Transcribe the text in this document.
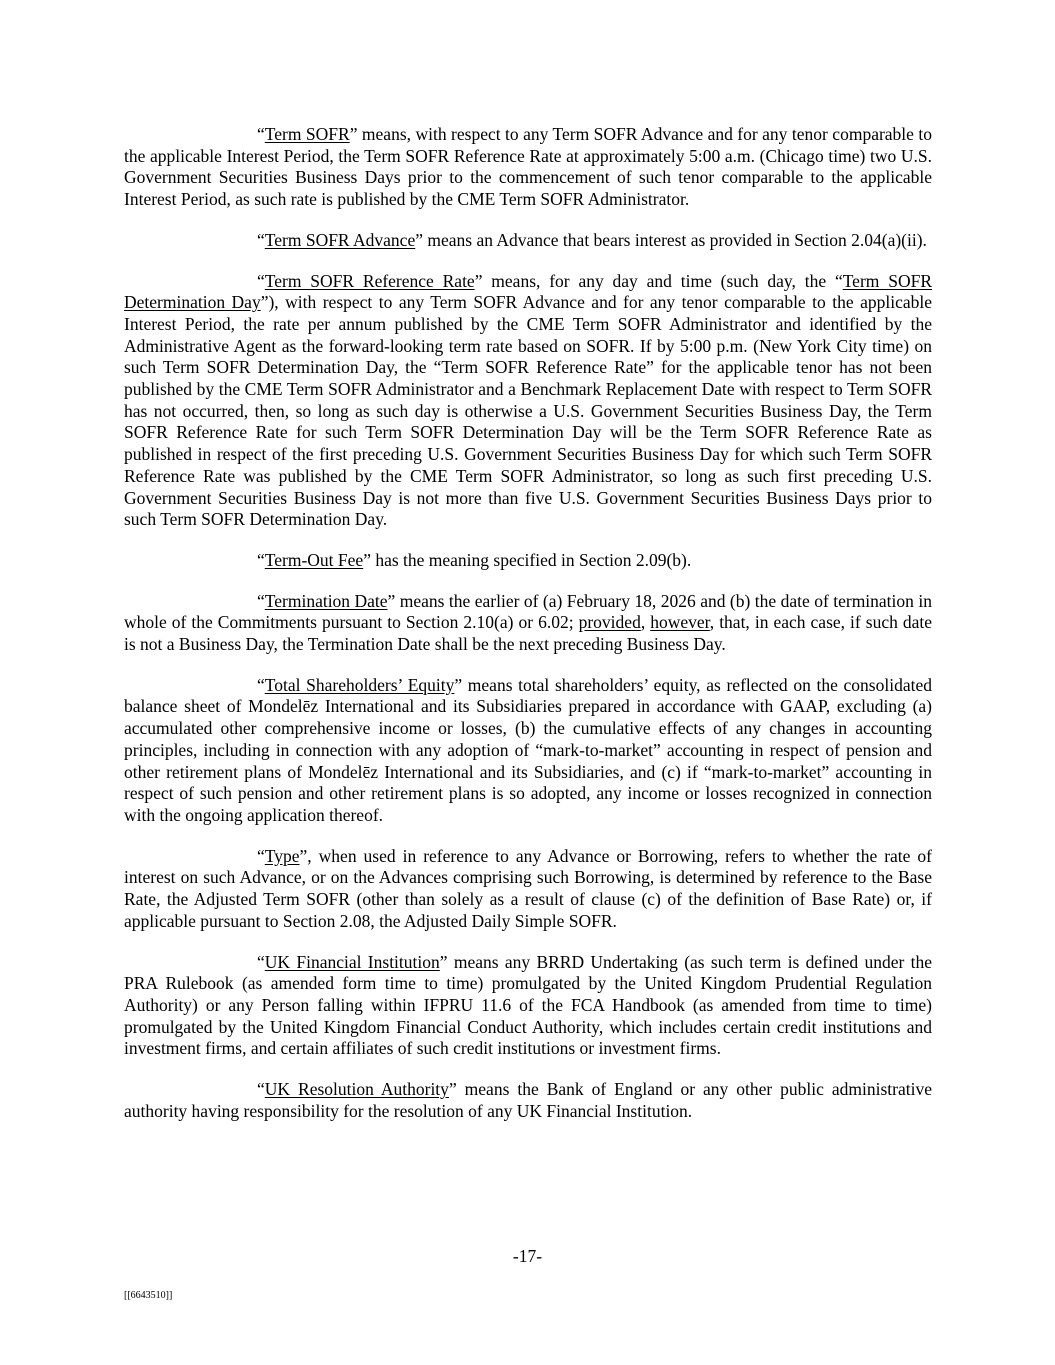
“Term SOFR” means, with respect to any Term SOFR Advance and for any tenor comparable to the applicable Interest Period, the Term SOFR Reference Rate at approximately 5:00 a.m. (Chicago time) two U.S. Government Securities Business Days prior to the commencement of such tenor comparable to the applicable Interest Period, as such rate is published by the CME Term SOFR Administrator.

“Term SOFR Advance” means an Advance that bears interest as provided in Section 2.04(a)(ii).

“Term SOFR Reference Rate” means, for any day and time (such day, the “Term SOFR Determination Day”), with respect to any Term SOFR Advance and for any tenor comparable to the applicable Interest Period, the rate per annum published by the CME Term SOFR Administrator and identified by the Administrative Agent as the forward-looking term rate based on SOFR. If by 5:00 p.m. (New York City time) on such Term SOFR Determination Day, the “Term SOFR Reference Rate” for the applicable tenor has not been published by the CME Term SOFR Administrator and a Benchmark Replacement Date with respect to Term SOFR has not occurred, then, so long as such day is otherwise a U.S. Government Securities Business Day, the Term SOFR Reference Rate for such Term SOFR Determination Day will be the Term SOFR Reference Rate as published in respect of the first preceding U.S. Government Securities Business Day for which such Term SOFR Reference Rate was published by the CME Term SOFR Administrator, so long as such first preceding U.S. Government Securities Business Day is not more than five U.S. Government Securities Business Days prior to such Term SOFR Determination Day.

“Term-Out Fee” has the meaning specified in Section 2.09(b).

“Termination Date” means the earlier of (a) February 18, 2026 and (b) the date of termination in whole of the Commitments pursuant to Section 2.10(a) or 6.02; provided, however, that, in each case, if such date is not a Business Day, the Termination Date shall be the next preceding Business Day.

“Total Shareholders’ Equity” means total shareholders’ equity, as reflected on the consolidated balance sheet of Mondelēz International and its Subsidiaries prepared in accordance with GAAP, excluding (a) accumulated other comprehensive income or losses, (b) the cumulative effects of any changes in accounting principles, including in connection with any adoption of “mark-to-market” accounting in respect of pension and other retirement plans of Mondelēz International and its Subsidiaries, and (c) if “mark-to-market” accounting in respect of such pension and other retirement plans is so adopted, any income or losses recognized in connection with the ongoing application thereof.

“Type”, when used in reference to any Advance or Borrowing, refers to whether the rate of interest on such Advance, or on the Advances comprising such Borrowing, is determined by reference to the Base Rate, the Adjusted Term SOFR (other than solely as a result of clause (c) of the definition of Base Rate) or, if applicable pursuant to Section 2.08, the Adjusted Daily Simple SOFR.

“UK Financial Institution” means any BRRD Undertaking (as such term is defined under the PRA Rulebook (as amended form time to time) promulgated by the United Kingdom Prudential Regulation Authority) or any Person falling within IFPRU 11.6 of the FCA Handbook (as amended from time to time) promulgated by the United Kingdom Financial Conduct Authority, which includes certain credit institutions and investment firms, and certain affiliates of such credit institutions or investment firms.

“UK Resolution Authority” means the Bank of England or any other public administrative authority having responsibility for the resolution of any UK Financial Institution.

-17-
[[6643510]]
